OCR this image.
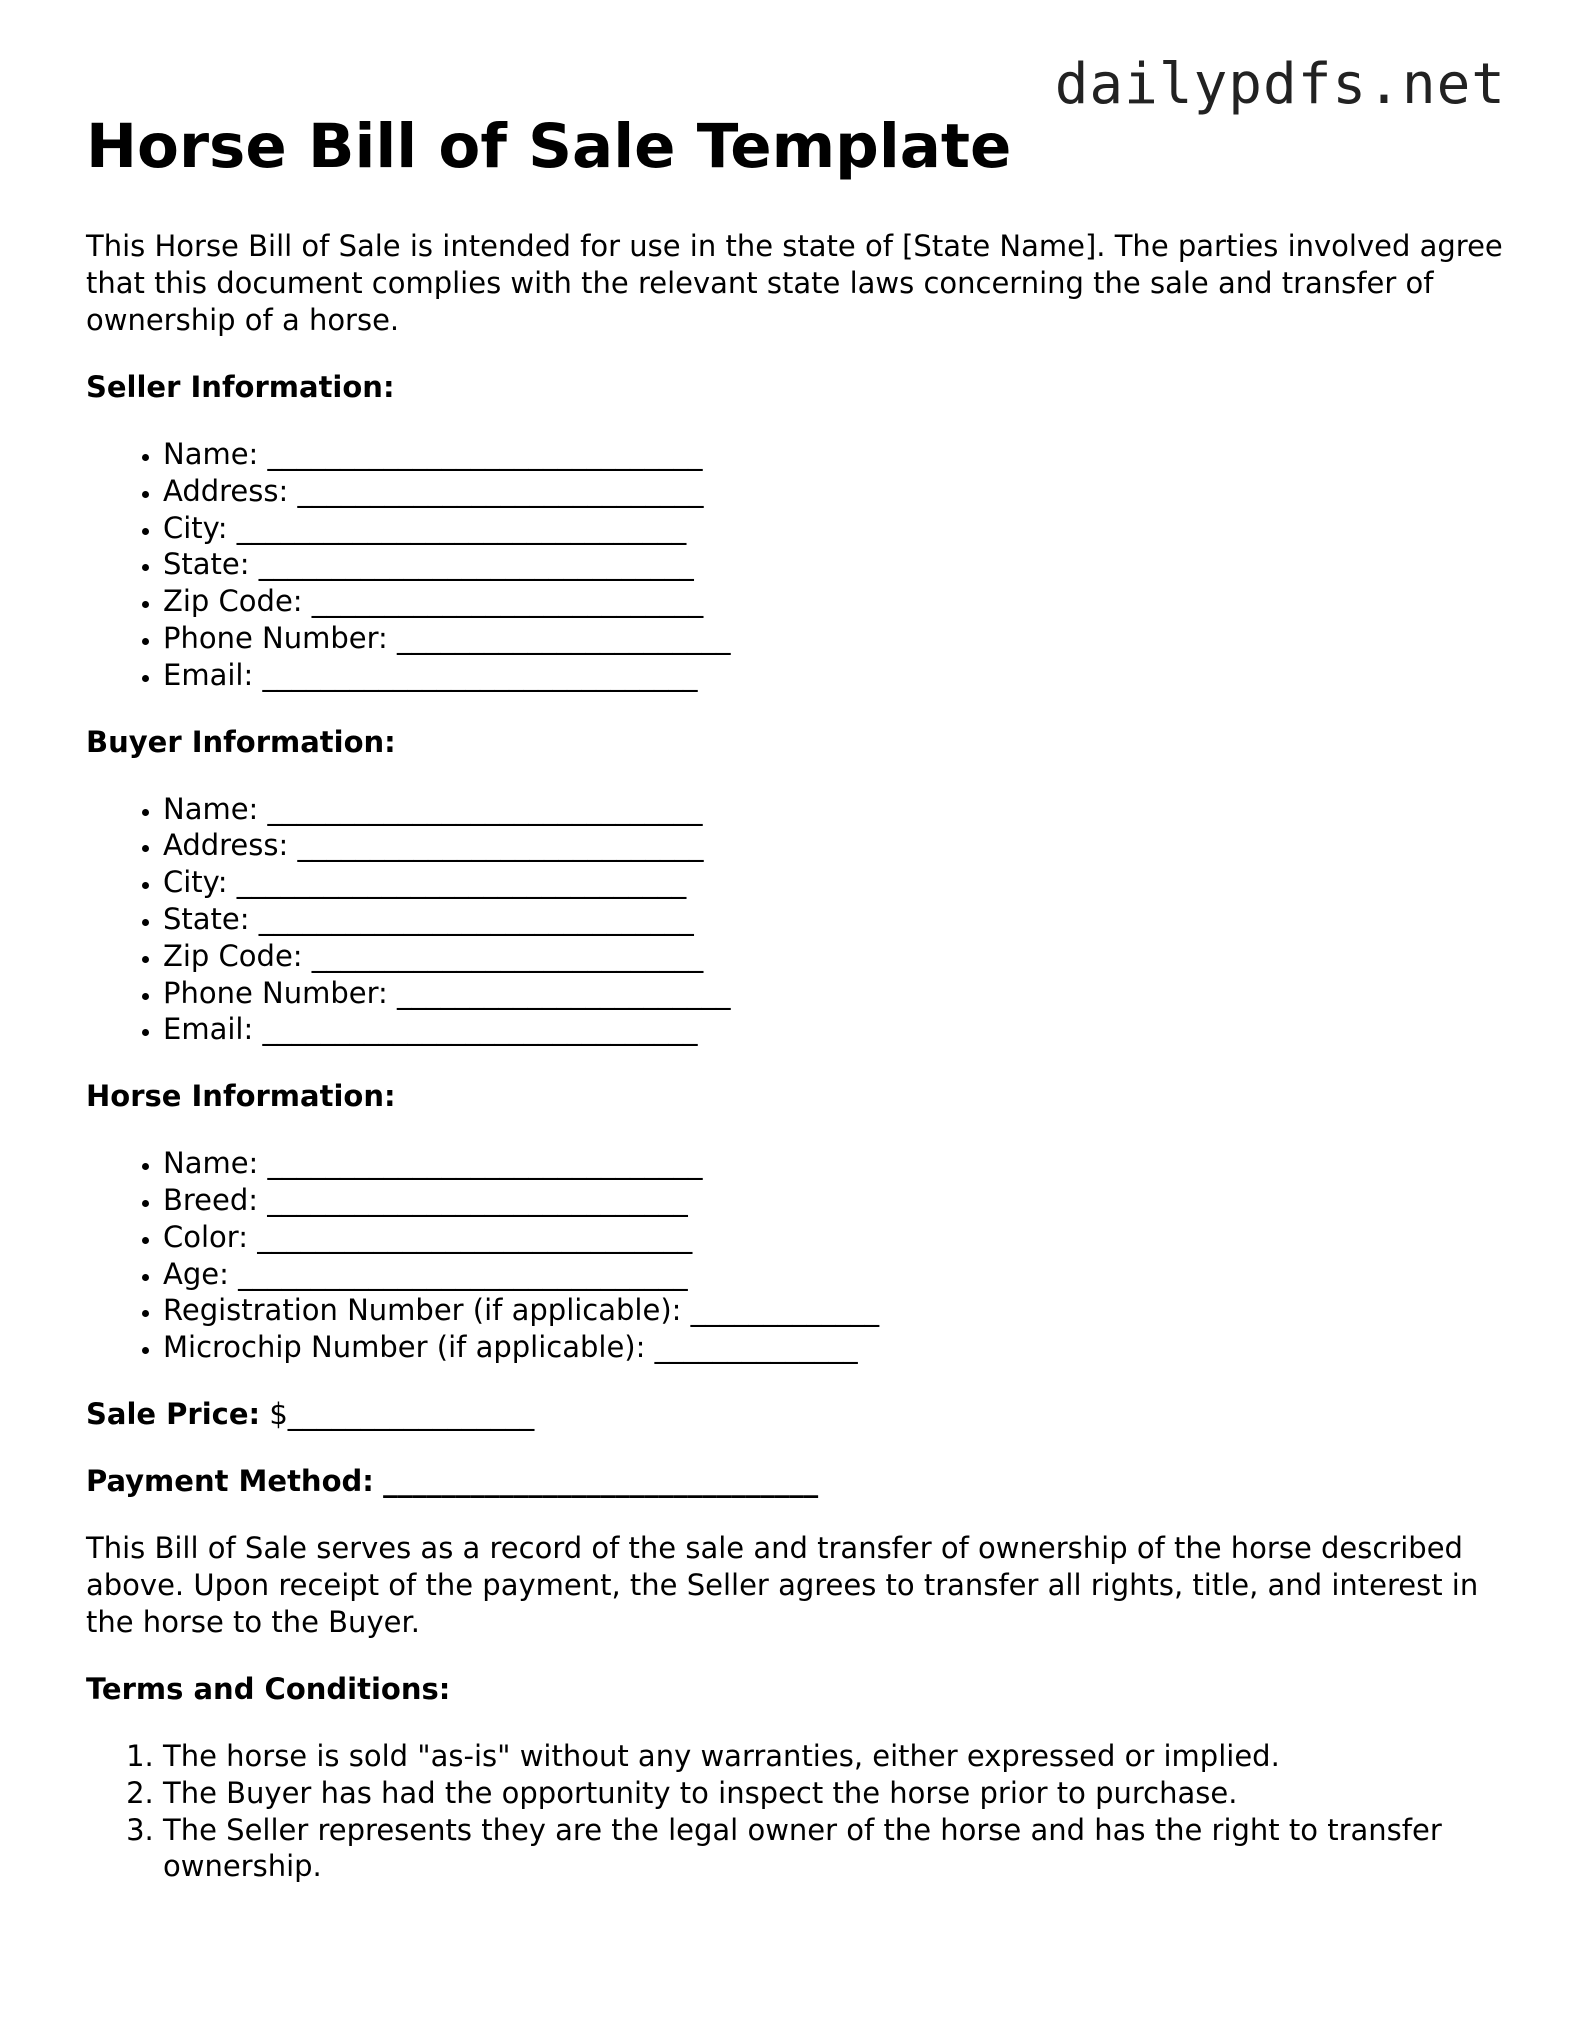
dailypdfs.net
Horse Bill of Sale Template

This Horse Bill of Sale is intended for use in the state of [State Name]. The parties involved agree that this document complies with the relevant state laws concerning the sale and transfer of ownership of a horse.

Seller Information:
• Name: ______________________________
• Address: ____________________________
• City: _______________________________
• State: ______________________________
• Zip Code: ___________________________
• Phone Number: _______________________
• Email: ______________________________
Buyer Information:
• Name: ______________________________
• Address: ____________________________
• City: _______________________________
• State: ______________________________
• Zip Code: ___________________________
• Phone Number: _______________________
• Email: ______________________________
Horse Information:
• Name: ______________________________
• Breed: _____________________________
• Color: ______________________________
• Age: _______________________________
• Registration Number (if applicable): _____________
• Microchip Number (if applicable): ______________
Sale Price: $_________________
Payment Method: ______________________________

This Bill of Sale serves as a record of the sale and transfer of ownership of the horse described above. Upon receipt of the payment, the Seller agrees to transfer all rights, title, and interest in the horse to the Buyer.

Terms and Conditions:
1. The horse is sold "as-is" without any warranties, either expressed or implied.
2. The Buyer has had the opportunity to inspect the horse prior to purchase.
3. The Seller represents they are the legal owner of the horse and has the right to transfer ownership.
